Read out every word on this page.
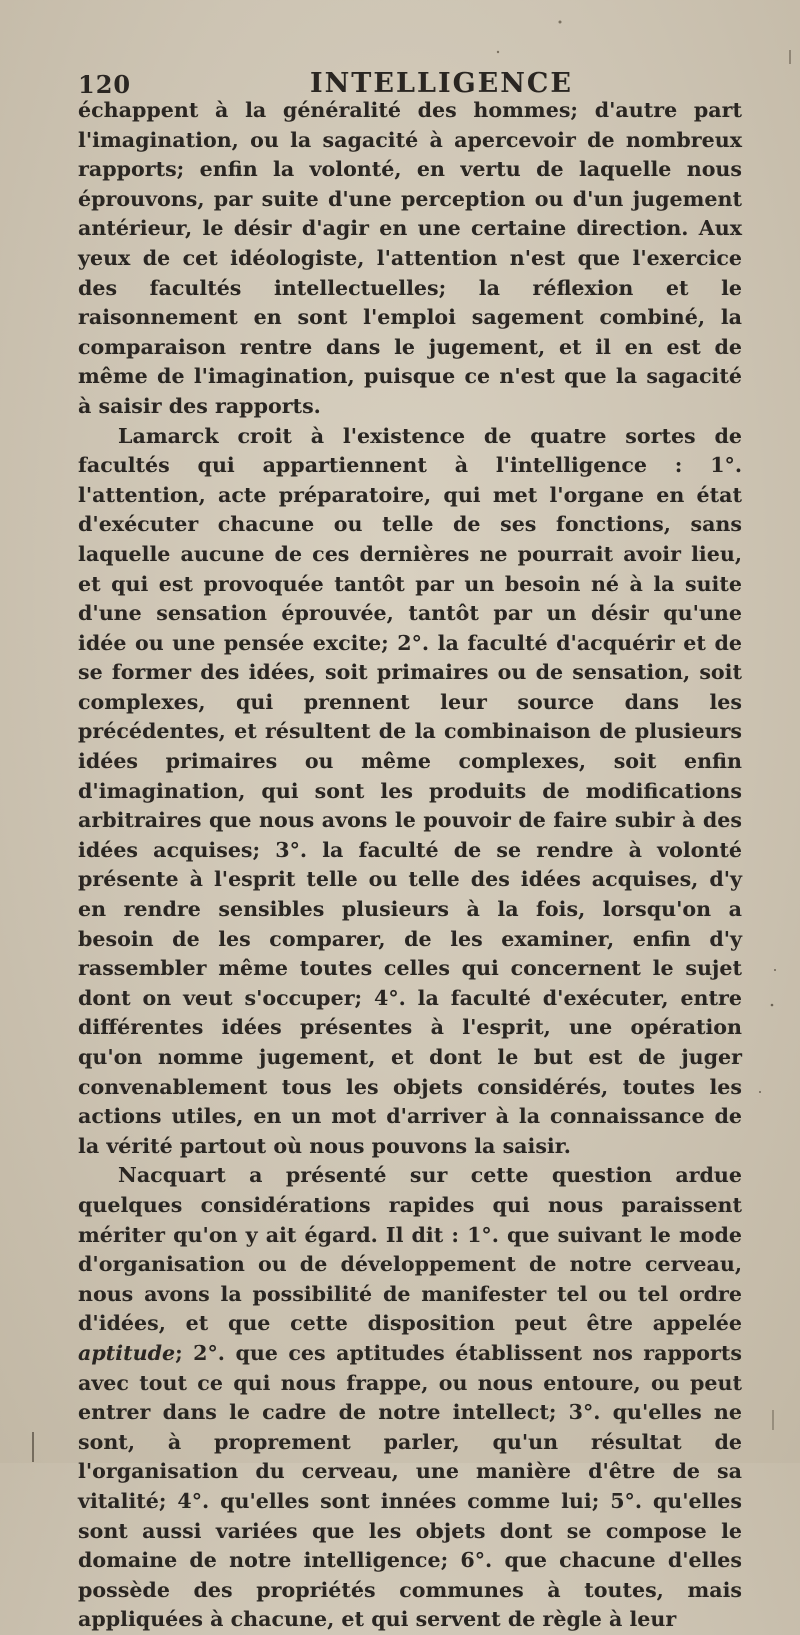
120	INTELLIGENCE

échappent à la généralité des hommes; d'autre part l'imagination, ou la sagacité à apercevoir de nombreux rapports; enfin la volonté, en vertu de laquelle nous éprouvons, par suite d'une perception ou d'un jugement antérieur, le désir d'agir en une certaine direction. Aux yeux de cet idéologiste, l'attention n'est que l'exercice des facultés intellectuelles; la réflexion et le raisonnement en sont l'emploi sagement combiné, la comparaison rentre dans le jugement, et il en est de même de l'imagination, puisque ce n'est que la sagacité à saisir des rapports.

Lamarck croit à l'existence de quatre sortes de facultés qui appartiennent à l'intelligence : 1°. l'attention, acte préparatoire, qui met l'organe en état d'exécuter chacune ou telle de ses fonctions, sans laquelle aucune de ces dernières ne pourrait avoir lieu, et qui est provoquée tantôt par un besoin né à la suite d'une sensation éprouvée, tantôt par un désir qu'une idée ou une pensée excite; 2°. la faculté d'acquérir et de se former des idées, soit primaires ou de sensation, soit complexes, qui prennent leur source dans les précédentes, et résultent de la combinaison de plusieurs idées primaires ou même complexes, soit enfin d'imagination, qui sont les produits de modifications arbitraires que nous avons le pouvoir de faire subir à des idées acquises; 3°. la faculté de se rendre à volonté présente à l'esprit telle ou telle des idées acquises, d'y en rendre sensibles plusieurs à la fois, lorsqu'on a besoin de les comparer, de les examiner, enfin d'y rassembler même toutes celles qui concernent le sujet dont on veut s'occuper; 4°. la faculté d'exécuter, entre différentes idées présentes à l'esprit, une opération qu'on nomme jugement, et dont le but est de juger convenablement tous les objets considérés, toutes les actions utiles, en un mot d'arriver à la connaissance de la vérité partout où nous pouvons la saisir.

Nacquart a présenté sur cette question ardue quelques considérations rapides qui nous paraissent mériter qu'on y ait égard. Il dit : 1°. que suivant le mode d'organisation ou de développement de notre cerveau, nous avons la possibilité de manifester tel ou tel ordre d'idées, et que cette disposition peut être appelée aptitude; 2°. que ces aptitudes établissent nos rapports avec tout ce qui nous frappe, ou nous entoure, ou peut entrer dans le cadre de notre intellect; 3°. qu'elles ne sont, à proprement parler, qu'un résultat de l'organisation du cerveau, une manière d'être de sa vitalité; 4°. qu'elles sont innées comme lui; 5°. qu'elles sont aussi variées que les objets dont se compose le domaine de notre intelligence; 6°. que chacune d'elles possède des propriétés communes à toutes, mais appliquées à chacune, et qui servent de règle à leur
